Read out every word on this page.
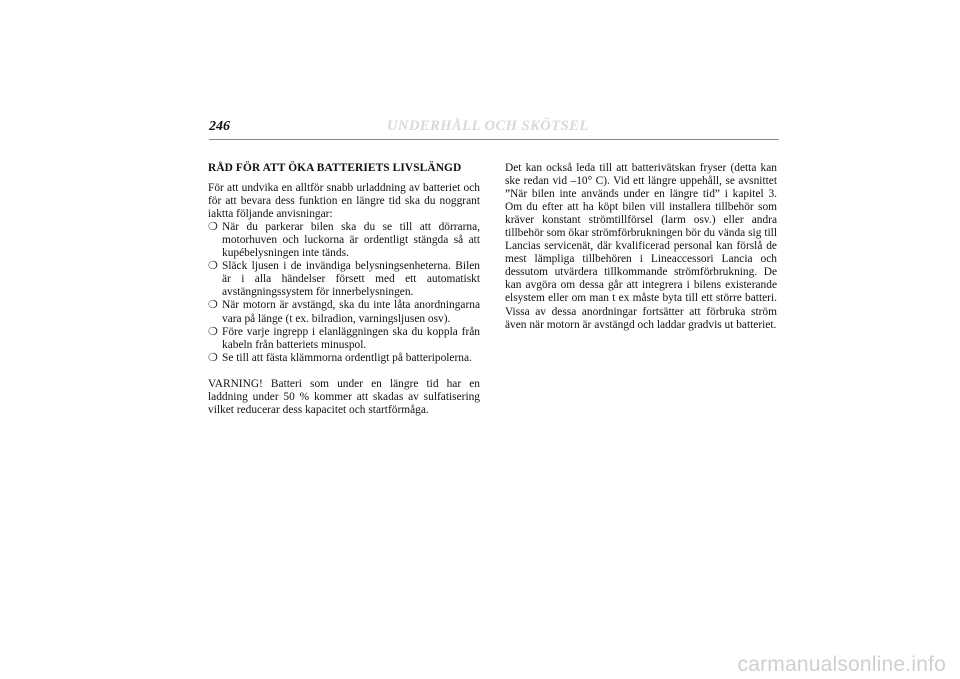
246	UNDERHÅLL OCH SKÖTSEL
RÅD FÖR ATT ÖKA BATTERIETS LIVSLÄNGD

För att undvika en alltför snabb urladdning av batteriet och för att bevara dess funktion en längre tid ska du noggrant iaktta följande anvisningar:

❍ När du parkerar bilen ska du se till att dörrarna, motorhuven och luckorna är ordentligt stängda så att kupébelysningen inte tänds.
❍ Släck ljusen i de invändiga belysningsenheterna. Bilen är i alla händelser försett med ett automatiskt avstängningssystem för innerbelysningen.
❍ När motorn är avstängd, ska du inte låta anordningarna vara på länge (t ex. bilradion, varningsljusen osv).
❍ Före varje ingrepp i elanläggningen ska du koppla från kabeln från batteriets minuspol.
❍ Se till att fästa klämmorna ordentligt på batteripolerna.

VARNING! Batteri som under en längre tid har en laddning under 50 % kommer att skadas av sulfatisering vilket reducerar dess kapacitet och startförmåga.

Det kan också leda till att batterivätskan fryser (detta kan ske redan vid –10° C). Vid ett längre uppehåll, se avsnittet ”När bilen inte används under en längre tid” i kapitel 3. Om du efter att ha köpt bilen vill installera tillbehör som kräver konstant strömtillförsel (larm osv.) eller andra tillbehör som ökar strömförbrukningen bör du vända sig till Lancias servicenät, där kvalificerad personal kan förslå de mest lämpliga tillbehören i Lineaccessori Lancia och dessutom utvärdera tillkommande strömförbrukning. De kan avgöra om dessa går att integrera i bilens existerande elsystem eller om man t ex måste byta till ett större batteri. Vissa av dessa anordningar fortsätter att förbruka ström även när motorn är avstängd och laddar gradvis ut batteriet.

carmanualsonline.info
